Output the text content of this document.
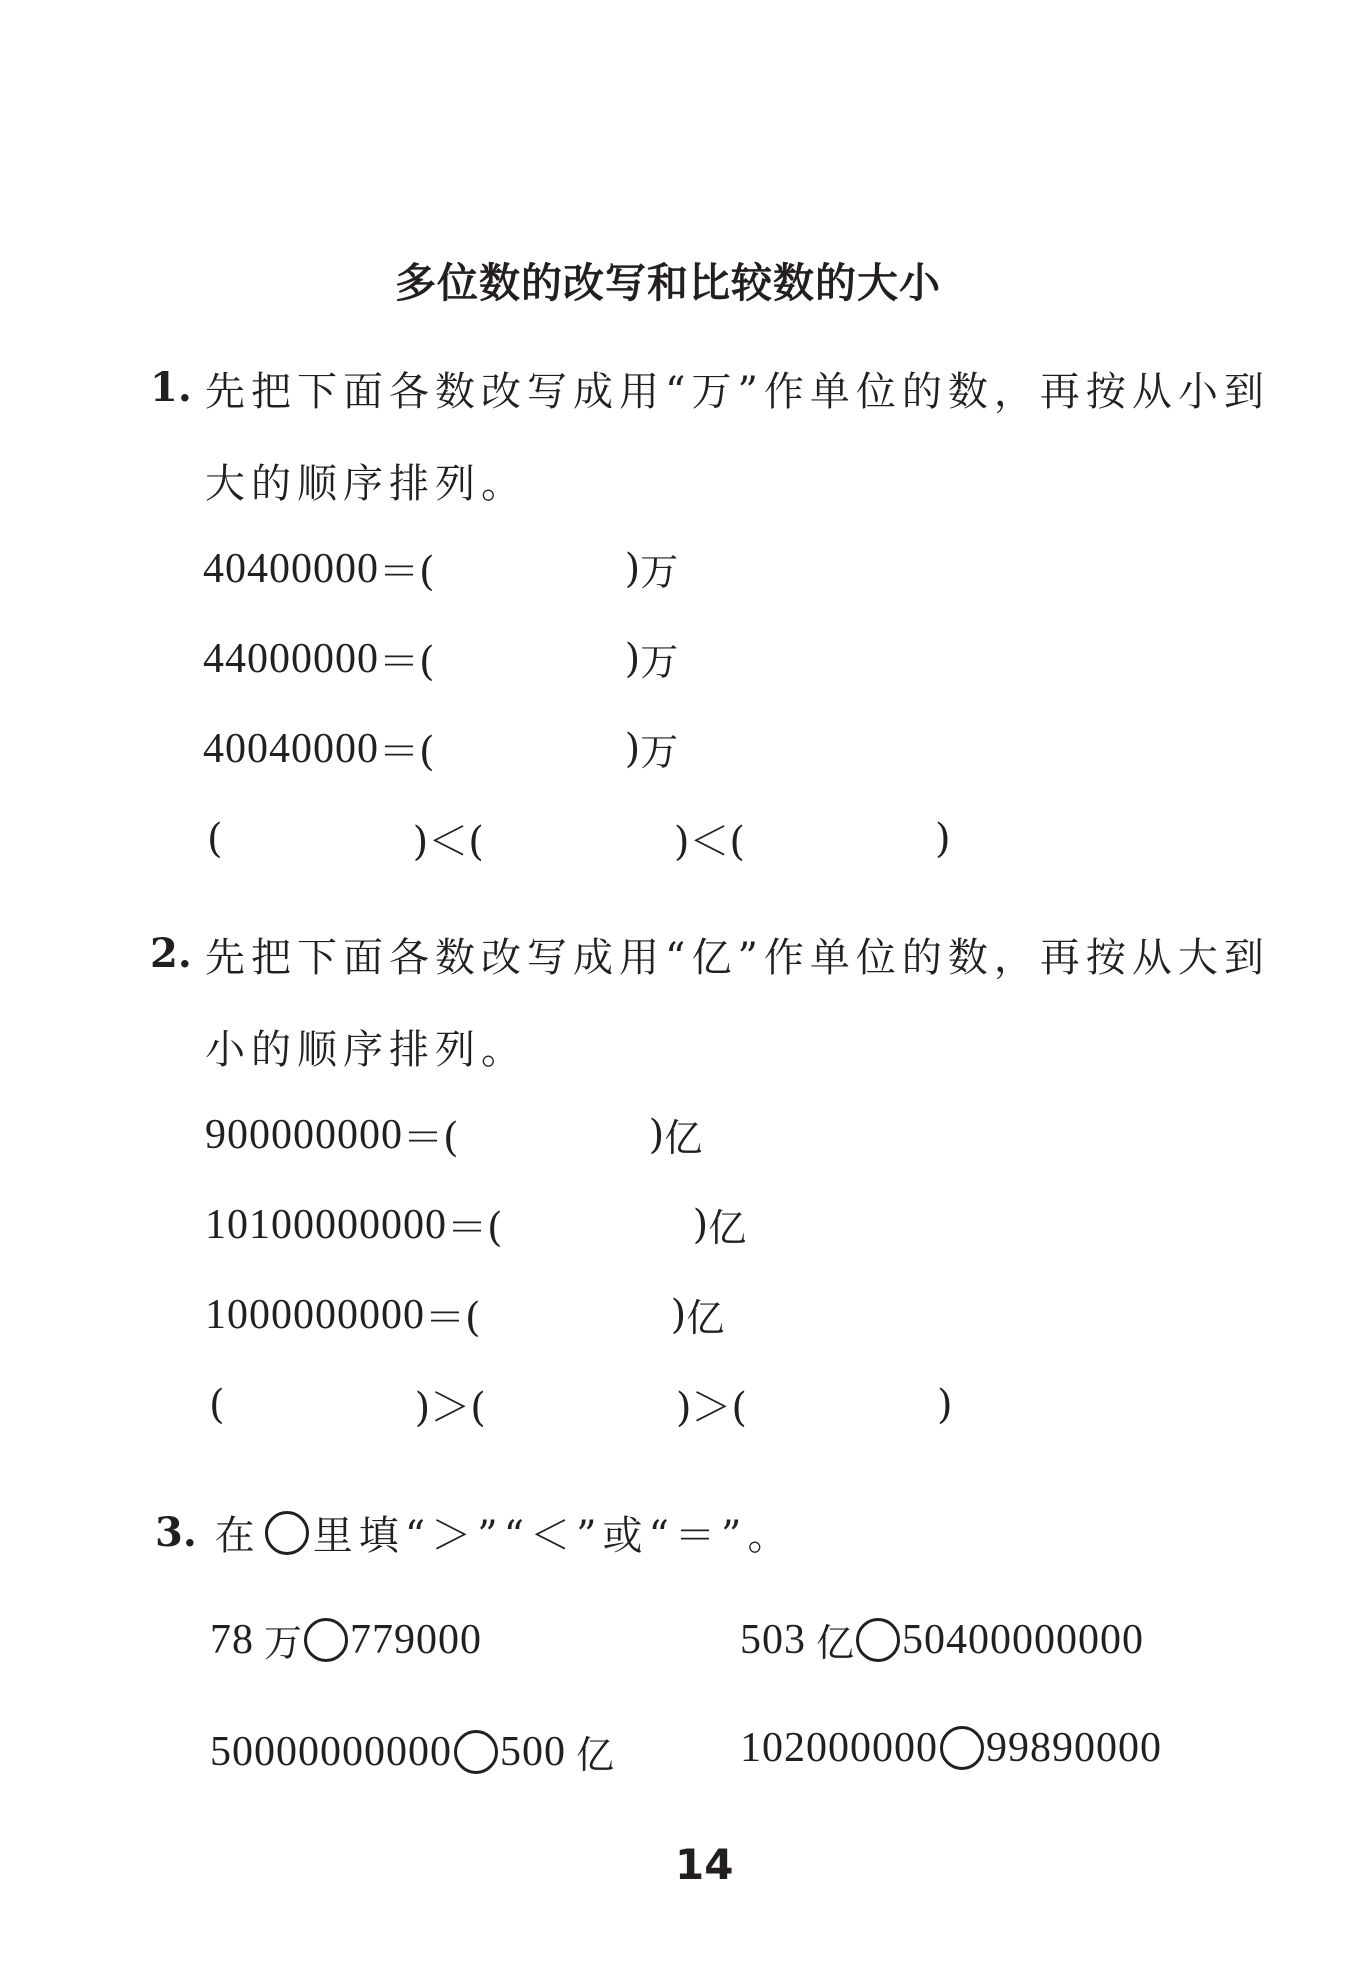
多位数的改写和比较数的大小
1. 先把下面各数改写成用“万”作单位的数，再按从小到
大的顺序排列。
40400000 ＝(	) 万
44000000 ＝(	) 万
40040000 ＝(	) 万
(	)＜(	)＜(	)
2. 先把下面各数改写成用“亿”作单位的数，再按从大到
小的顺序排列。
900000000 ＝(	) 亿
10100000000 ＝(	) 亿
1000000000 ＝(	) 亿
(	)＞(	)＞(	)
3. 在 里填“＞”“＜”或“＝”。
78 万 779000	503 亿 50400000000
50000000000 500 亿	102000000 99890000
14
